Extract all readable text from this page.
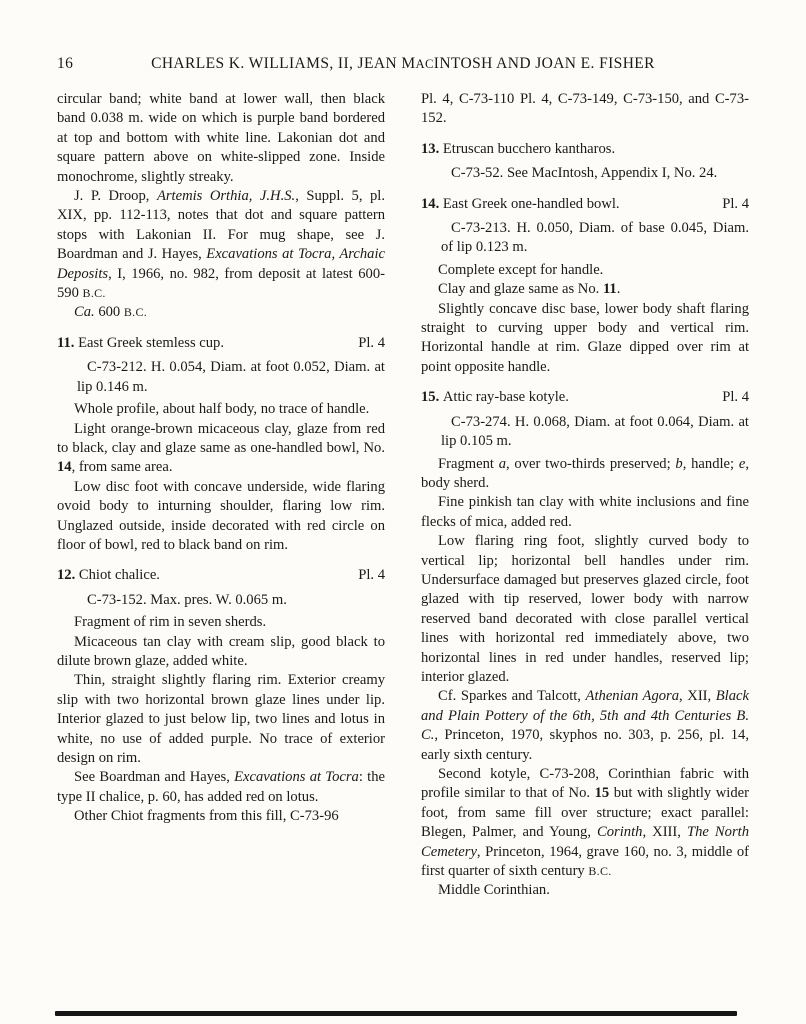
16	CHARLES K. WILLIAMS, II, JEAN MACINTOSH AND JOAN E. FISHER

circular band; white band at lower wall, then black band 0.038 m. wide on which is purple band bordered at top and bottom with white line. Lakonian dot and square pattern above on white-slipped zone. Inside monochrome, slightly streaky.

J. P. Droop, Artemis Orthia, J.H.S., Suppl. 5, pl. XIX, pp. 112-113, notes that dot and square pattern stops with Lakonian II. For mug shape, see J. Boardman and J. Hayes, Excavations at Tocra, Archaic Deposits, I, 1966, no. 982, from deposit at latest 600-590 B.C.

Ca. 600 B.C.

11. East Greek stemless cup.	Pl. 4

C-73-212. H. 0.054, Diam. at foot 0.052, Diam. at lip 0.146 m.

Whole profile, about half body, no trace of handle.

Light orange-brown micaceous clay, glaze from red to black, clay and glaze same as one-handled bowl, No. 14, from same area.

Low disc foot with concave underside, wide flaring ovoid body to inturning shoulder, flaring low rim. Unglazed outside, inside decorated with red circle on floor of bowl, red to black band on rim.

12. Chiot chalice.	Pl. 4

C-73-152. Max. pres. W. 0.065 m.

Fragment of rim in seven sherds.

Micaceous tan clay with cream slip, good black to dilute brown glaze, added white.

Thin, straight slightly flaring rim. Exterior creamy slip with two horizontal brown glaze lines under lip. Interior glazed to just below lip, two lines and lotus in white, no use of added purple. No trace of exterior design on rim.

See Boardman and Hayes, Excavations at Tocra: the type II chalice, p. 60, has added red on lotus.

Other Chiot fragments from this fill, C-73-96

Pl. 4, C-73-110 Pl. 4, C-73-149, C-73-150, and C-73-152.

13. Etruscan bucchero kantharos.

C-73-52. See MacIntosh, Appendix I, No. 24.

14. East Greek one-handled bowl.	Pl. 4

C-73-213. H. 0.050, Diam. of base 0.045, Diam. of lip 0.123 m.

Complete except for handle.

Clay and glaze same as No. 11.

Slightly concave disc base, lower body shaft flaring straight to curving upper body and vertical rim. Horizontal handle at rim. Glaze dipped over rim at point opposite handle.

15. Attic ray-base kotyle.	Pl. 4

C-73-274. H. 0.068, Diam. at foot 0.064, Diam. at lip 0.105 m.

Fragment a, over two-thirds preserved; b, handle; e, body sherd.

Fine pinkish tan clay with white inclusions and fine flecks of mica, added red.

Low flaring ring foot, slightly curved body to vertical lip; horizontal bell handles under rim. Undersurface damaged but preserves glazed circle, foot glazed with tip reserved, lower body with narrow reserved band decorated with close parallel vertical lines with horizontal red immediately above, two horizontal lines in red under handles, reserved lip; interior glazed.

Cf. Sparkes and Talcott, Athenian Agora, XII, Black and Plain Pottery of the 6th, 5th and 4th Centuries B. C., Princeton, 1970, skyphos no. 303, p. 256, pl. 14, early sixth century.

Second kotyle, C-73-208, Corinthian fabric with profile similar to that of No. 15 but with slightly wider foot, from same fill over structure; exact parallel: Blegen, Palmer, and Young, Corinth, XIII, The North Cemetery, Princeton, 1964, grave 160, no. 3, middle of first quarter of sixth century B.C.

Middle Corinthian.
